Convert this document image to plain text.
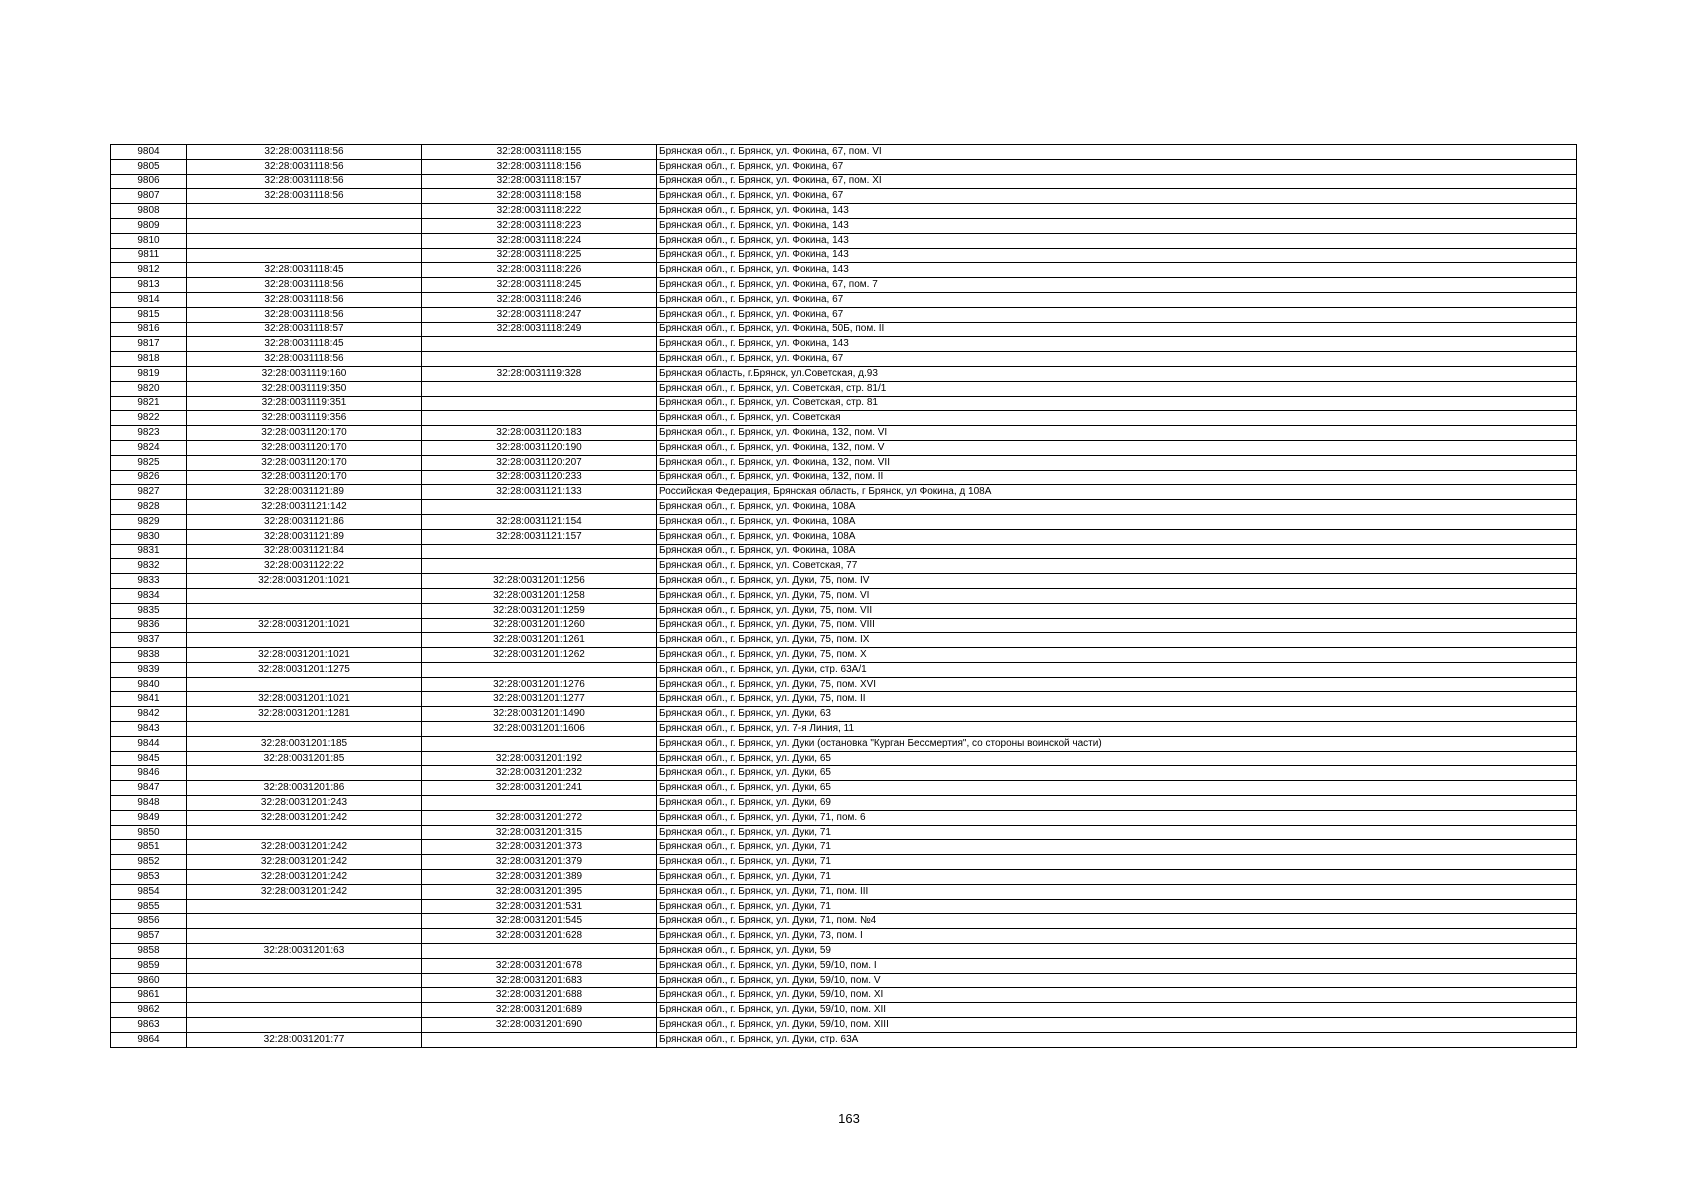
9804	32:28:0031118:56	32:28:0031118:155	Брянская обл., г. Брянск, ул. Фокина, 67, пом. VI
9805	32:28:0031118:56	32:28:0031118:156	Брянская обл., г. Брянск, ул. Фокина, 67
9806	32:28:0031118:56	32:28:0031118:157	Брянская обл., г. Брянск, ул. Фокина, 67, пом. XI
9807	32:28:0031118:56	32:28:0031118:158	Брянская обл., г. Брянск, ул. Фокина, 67
9808		32:28:0031118:222	Брянская обл., г. Брянск, ул. Фокина, 143
9809		32:28:0031118:223	Брянская обл., г. Брянск, ул. Фокина, 143
9810		32:28:0031118:224	Брянская обл., г. Брянск, ул. Фокина, 143
9811		32:28:0031118:225	Брянская обл., г. Брянск, ул. Фокина, 143
9812	32:28:0031118:45	32:28:0031118:226	Брянская обл., г. Брянск, ул. Фокина, 143
9813	32:28:0031118:56	32:28:0031118:245	Брянская обл., г. Брянск, ул. Фокина, 67, пом. 7
9814	32:28:0031118:56	32:28:0031118:246	Брянская обл., г. Брянск, ул. Фокина, 67
9815	32:28:0031118:56	32:28:0031118:247	Брянская обл., г. Брянск, ул. Фокина, 67
9816	32:28:0031118:57	32:28:0031118:249	Брянская обл., г. Брянск, ул. Фокина, 50Б, пом. II
9817	32:28:0031118:45		Брянская обл., г. Брянск, ул. Фокина, 143
9818	32:28:0031118:56		Брянская обл., г. Брянск, ул. Фокина, 67
9819	32:28:0031119:160	32:28:0031119:328	Брянская область, г.Брянск, ул.Советская, д.93
9820	32:28:0031119:350		Брянская обл., г. Брянск, ул. Советская, стр. 81/1
9821	32:28:0031119:351		Брянская обл., г. Брянск, ул. Советская, стр. 81
9822	32:28:0031119:356		Брянская обл., г. Брянск, ул. Советская
9823	32:28:0031120:170	32:28:0031120:183	Брянская обл., г. Брянск, ул. Фокина, 132, пом. VI
9824	32:28:0031120:170	32:28:0031120:190	Брянская обл., г. Брянск, ул. Фокина, 132, пом. V
9825	32:28:0031120:170	32:28:0031120:207	Брянская обл., г. Брянск, ул. Фокина, 132, пом. VII
9826	32:28:0031120:170	32:28:0031120:233	Брянская обл., г. Брянск, ул. Фокина, 132, пом. II
9827	32:28:0031121:89	32:28:0031121:133	Российская Федерация, Брянская область, г Брянск, ул Фокина, д 108А
9828	32:28:0031121:142		Брянская обл., г. Брянск, ул. Фокина, 108А
9829	32:28:0031121:86	32:28:0031121:154	Брянская обл., г. Брянск, ул. Фокина, 108А
9830	32:28:0031121:89	32:28:0031121:157	Брянская обл., г. Брянск, ул. Фокина, 108А
9831	32:28:0031121:84		Брянская обл., г. Брянск, ул. Фокина, 108А
9832	32:28:0031122:22		Брянская обл., г. Брянск, ул. Советская, 77
9833	32:28:0031201:1021	32:28:0031201:1256	Брянская обл., г. Брянск, ул. Дуки, 75, пом. IV
9834		32:28:0031201:1258	Брянская обл., г. Брянск, ул. Дуки, 75, пом. VI
9835		32:28:0031201:1259	Брянская обл., г. Брянск, ул. Дуки, 75, пом. VII
9836	32:28:0031201:1021	32:28:0031201:1260	Брянская обл., г. Брянск, ул. Дуки, 75, пом. VIII
9837		32:28:0031201:1261	Брянская обл., г. Брянск, ул. Дуки, 75, пом. IX
9838	32:28:0031201:1021	32:28:0031201:1262	Брянская обл., г. Брянск, ул. Дуки, 75, пом. X
9839	32:28:0031201:1275		Брянская обл., г. Брянск, ул. Дуки, стр. 63А/1
9840		32:28:0031201:1276	Брянская обл., г. Брянск, ул. Дуки, 75, пом. XVI
9841	32:28:0031201:1021	32:28:0031201:1277	Брянская обл., г. Брянск, ул. Дуки, 75, пом. II
9842	32:28:0031201:1281	32:28:0031201:1490	Брянская обл., г. Брянск, ул. Дуки, 63
9843		32:28:0031201:1606	Брянская обл., г. Брянск, ул. 7-я Линия, 11
9844	32:28:0031201:185		Брянская обл., г. Брянск, ул. Дуки (остановка "Курган Бессмертия", со стороны воинской части)
9845	32:28:0031201:85	32:28:0031201:192	Брянская обл., г. Брянск, ул. Дуки, 65
9846		32:28:0031201:232	Брянская обл., г. Брянск, ул. Дуки, 65
9847	32:28:0031201:86	32:28:0031201:241	Брянская обл., г. Брянск, ул. Дуки, 65
9848	32:28:0031201:243		Брянская обл., г. Брянск, ул. Дуки, 69
9849	32:28:0031201:242	32:28:0031201:272	Брянская обл., г. Брянск, ул. Дуки, 71, пом. 6
9850		32:28:0031201:315	Брянская обл., г. Брянск, ул. Дуки, 71
9851	32:28:0031201:242	32:28:0031201:373	Брянская обл., г. Брянск, ул. Дуки, 71
9852	32:28:0031201:242	32:28:0031201:379	Брянская обл., г. Брянск, ул. Дуки, 71
9853	32:28:0031201:242	32:28:0031201:389	Брянская обл., г. Брянск, ул. Дуки, 71
9854	32:28:0031201:242	32:28:0031201:395	Брянская обл., г. Брянск, ул. Дуки, 71, пом. III
9855		32:28:0031201:531	Брянская обл., г. Брянск, ул. Дуки, 71
9856		32:28:0031201:545	Брянская обл., г. Брянск, ул. Дуки, 71, пом. №4
9857		32:28:0031201:628	Брянская обл., г. Брянск, ул. Дуки, 73, пом. I
9858	32:28:0031201:63		Брянская обл., г. Брянск, ул. Дуки, 59
9859		32:28:0031201:678	Брянская обл., г. Брянск, ул. Дуки, 59/10, пом. I
9860		32:28:0031201:683	Брянская обл., г. Брянск, ул. Дуки, 59/10, пом. V
9861		32:28:0031201:688	Брянская обл., г. Брянск, ул. Дуки, 59/10, пом. XI
9862		32:28:0031201:689	Брянская обл., г. Брянск, ул. Дуки, 59/10, пом. XII
9863		32:28:0031201:690	Брянская обл., г. Брянск, ул. Дуки, 59/10, пом. XIII
9864	32:28:0031201:77		Брянская обл., г. Брянск, ул. Дуки, стр. 63А
163
